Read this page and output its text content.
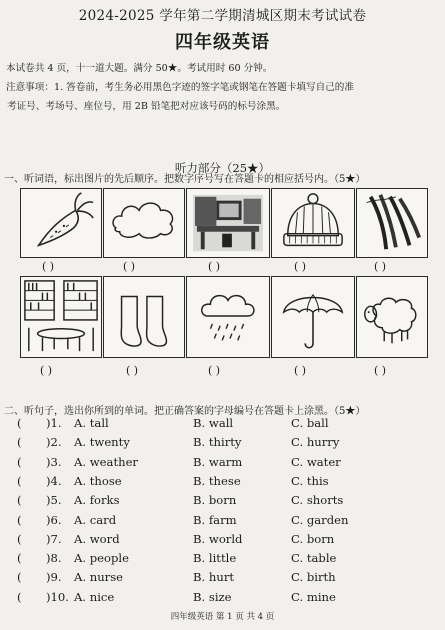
2024-2025 学年第二学期清城区期末考试试卷
四年级英语
本试卷共 4 页，十一道大题。满分 50★。考试用时 60 分钟。
注意事项：1. 答卷前，考生务必用黑色字迹的签字笔或钢笔在答题卡填写自己的准
考证号、考场号、座位号，用 2B 铅笔把对应该号码的标号涂黑。
听力部分（25★）
一、听词语，标出图片的先后顺序。把数字序号写在答题卡的相应括号内。（5★）
( )	( )	( )	( )	( )
( )	( )	( )	( )	( )
二、听句子，选出你所到的单词。把正确答案的字母编号在答题卡上涂黑。（5★）
( )1. A. tall	B. wall	C. ball
( )2. A. twenty	B. thirty	C. hurry
( )3. A. weather	B. warm	C. water
( )4. A. those	B. these	C. this
( )5. A. forks	B. born	C. shorts
( )6. A. card	B. farm	C. garden
( )7. A. word	B. world	C. born
( )8. A. people	B. little	C. table
( )9. A. nurse	B. hurt	C. birth
( )10. A. nice	B. size	C. mine
四年级英语 第 1 页 共 4 页
